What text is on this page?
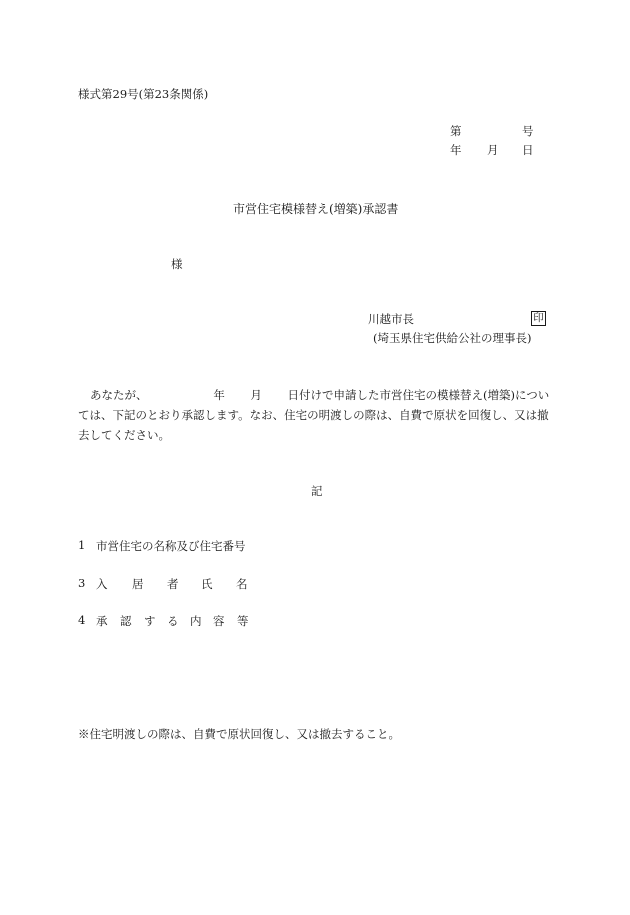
様式第29号(第23条関係)
第	号
年 月 日
市営住宅模様替え(増築)承認書
様
川越市長	印
(埼玉県住宅供給公社の理事長)
あなたが、	年 月 日付けで申請した市営住宅の模様替え(増築)については、下記のとおり承認します。なお、住宅の明渡しの際は、自費で原状を回復し、又は撤去してください。
記
1 市営住宅の名称及び住宅番号
3 入 居 者 氏 名
4 承 認 す る 内 容 等
※住宅明渡しの際は、自費で原状回復し、又は撤去すること。
